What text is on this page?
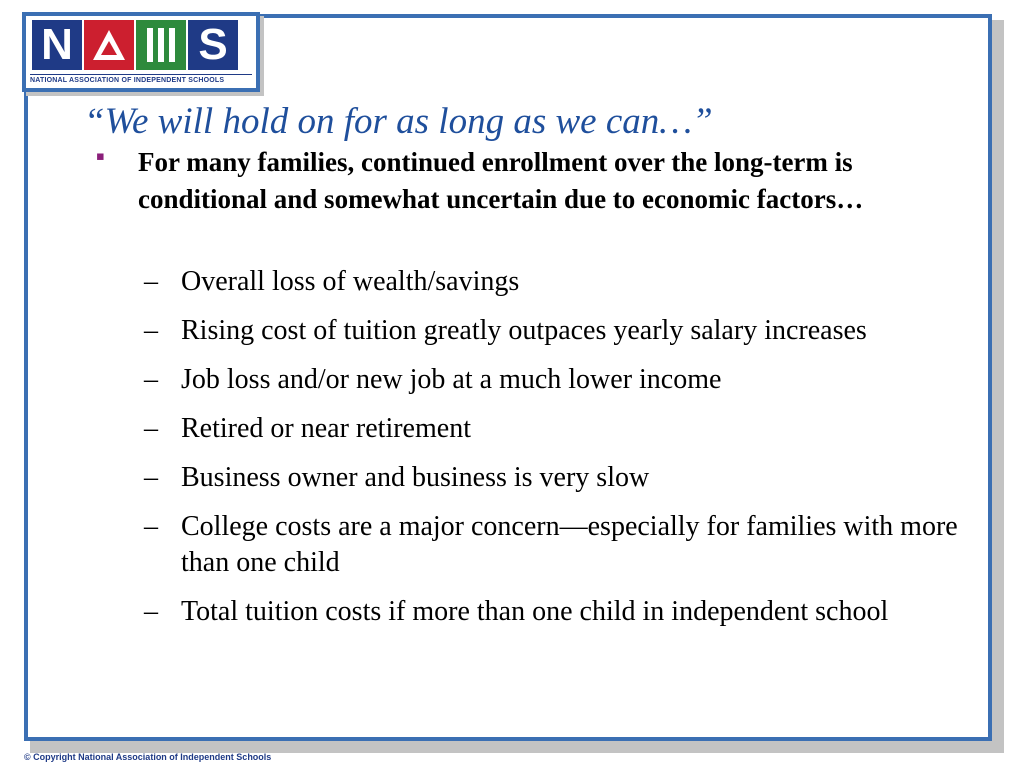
N	S
NATIONAL ASSOCIATION OF INDEPENDENT SCHOOLS
“We will hold on for as long as we can…”
▪ For many families, continued enrollment over the long-term is conditional and somewhat uncertain due to economic factors…
– Overall loss of wealth/savings
– Rising cost of tuition greatly outpaces yearly salary increases
– Job loss and/or new job at a much lower income
– Retired or near retirement
– Business owner and business is very slow
– College costs are a major concern—especially for families with more than one child
– Total tuition costs if more than one child in independent school
© Copyright National Association of Independent Schools
